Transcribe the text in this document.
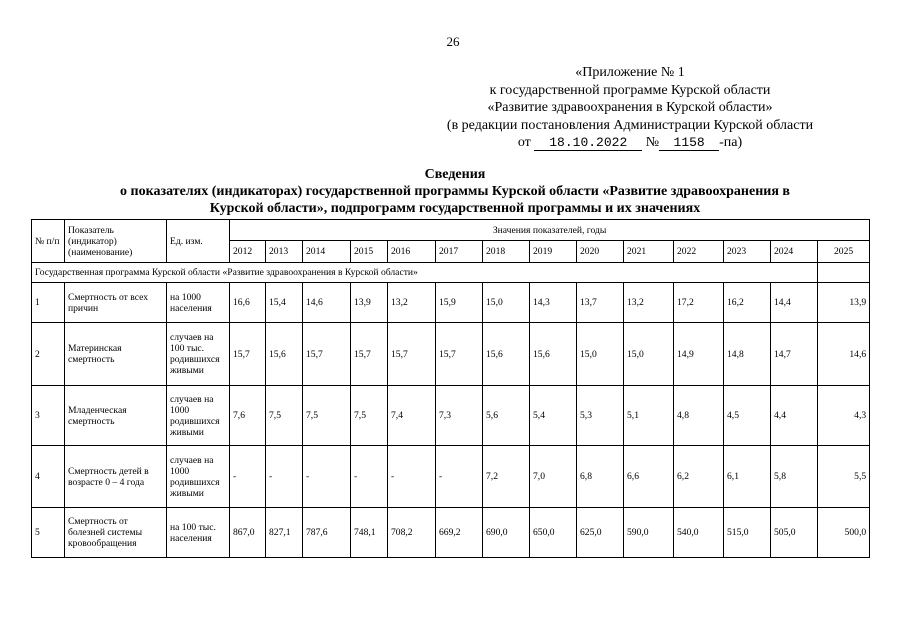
26
«Приложение № 1
к государственной программе Курской области
«Развитие здравоохранения в Курской области»
(в редакции постановления Администрации Курской области
от 18.10.2022 № 1158 -па)
Сведения
о показателях (индикаторах) государственной программы Курской области «Развитие здравоохранения в
Курской области», подпрограмм государственной программы и их значениях
№ п/п	Показатель (индикатор) (наименование)	Ед. изм.	Значения показателей, годы													
			2012	2013	2014	2015	2016	2017	2018	2019	2020	2021	2022	2023	2024	2025
Государственная программа Курской области «Развитие здравоохранения в Курской области»																
1	Смертность от всех причин	на 1000 населения	16,6	15,4	14,6	13,9	13,2	15,9	15,0	14,3	13,7	13,2	17,2	16,2	14,4	13,9
2	Материнская смертность	случаев на 100 тыс. родившихся живыми	15,7	15,6	15,7	15,7	15,7	15,7	15,6	15,6	15,0	15,0	14,9	14,8	14,7	14,6
3	Младенческая смертность	случаев на 1000 родившихся живыми	7,6	7,5	7,5	7,5	7,4	7,3	5,6	5,4	5,3	5,1	4,8	4,5	4,4	4,3
4	Смертность детей в возрасте 0 – 4 года	случаев на 1000 родившихся живыми	-	-	-	-	-	-	7,2	7,0	6,8	6,6	6,2	6,1	5,8	5,5
5	Смертность от болезней системы кровообращения	на 100 тыс. населения	867,0	827,1	787,6	748,1	708,2	669,2	690,0	650,0	625,0	590,0	540,0	515,0	505,0	500,0
